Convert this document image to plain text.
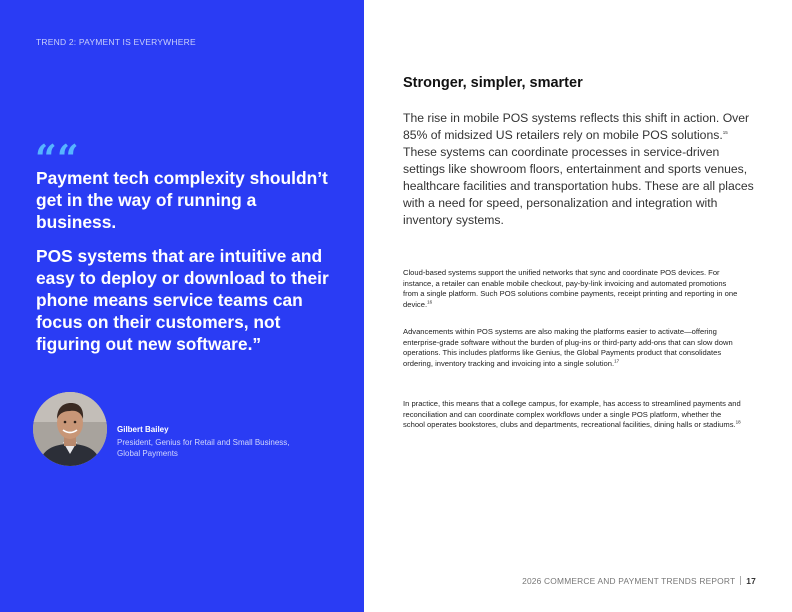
TREND 2: PAYMENT IS EVERYWHERE
““

Payment tech complexity shouldn’t get in the way of running a business.

POS systems that are intuitive and easy to deploy or download to their phone means service teams can focus on their customers, not figuring out new software.”

Gilbert Bailey
President, Genius for Retail and Small Business,
Global Payments
Stronger, simpler, smarter

The rise in mobile POS systems reflects this shift in action. Over 85% of midsized US retailers rely on mobile POS solutions.$^{15}$ These systems can coordinate processes in service-driven settings like showroom floors, entertainment and sports venues, healthcare facilities and transportation hubs. These are all places with a need for speed, personalization and integration with inventory systems.

Cloud-based systems support the unified networks that sync and coordinate POS devices. For instance, a retailer can enable mobile checkout, pay-by-link invoicing and automated promotions from a single platform. Such POS solutions combine payments, receipt printing and reporting in one device.$^{16}$

Advancements within POS systems are also making the platforms easier to activate—offering enterprise-grade software without the burden of plug-ins or third-party add-ons that can slow down operations. This includes platforms like Genius, the Global Payments product that consolidates ordering, inventory tracking and invoicing into a single solution.$^{17}$

In practice, this means that a college campus, for example, has access to streamlined payments and reconciliation and can coordinate complex workflows under a single POS platform, whether the school operates bookstores, clubs and departments, recreational facilities, dining halls or stadiums.$^{18}$

2026 COMMERCE AND PAYMENT TRENDS REPORT 17
